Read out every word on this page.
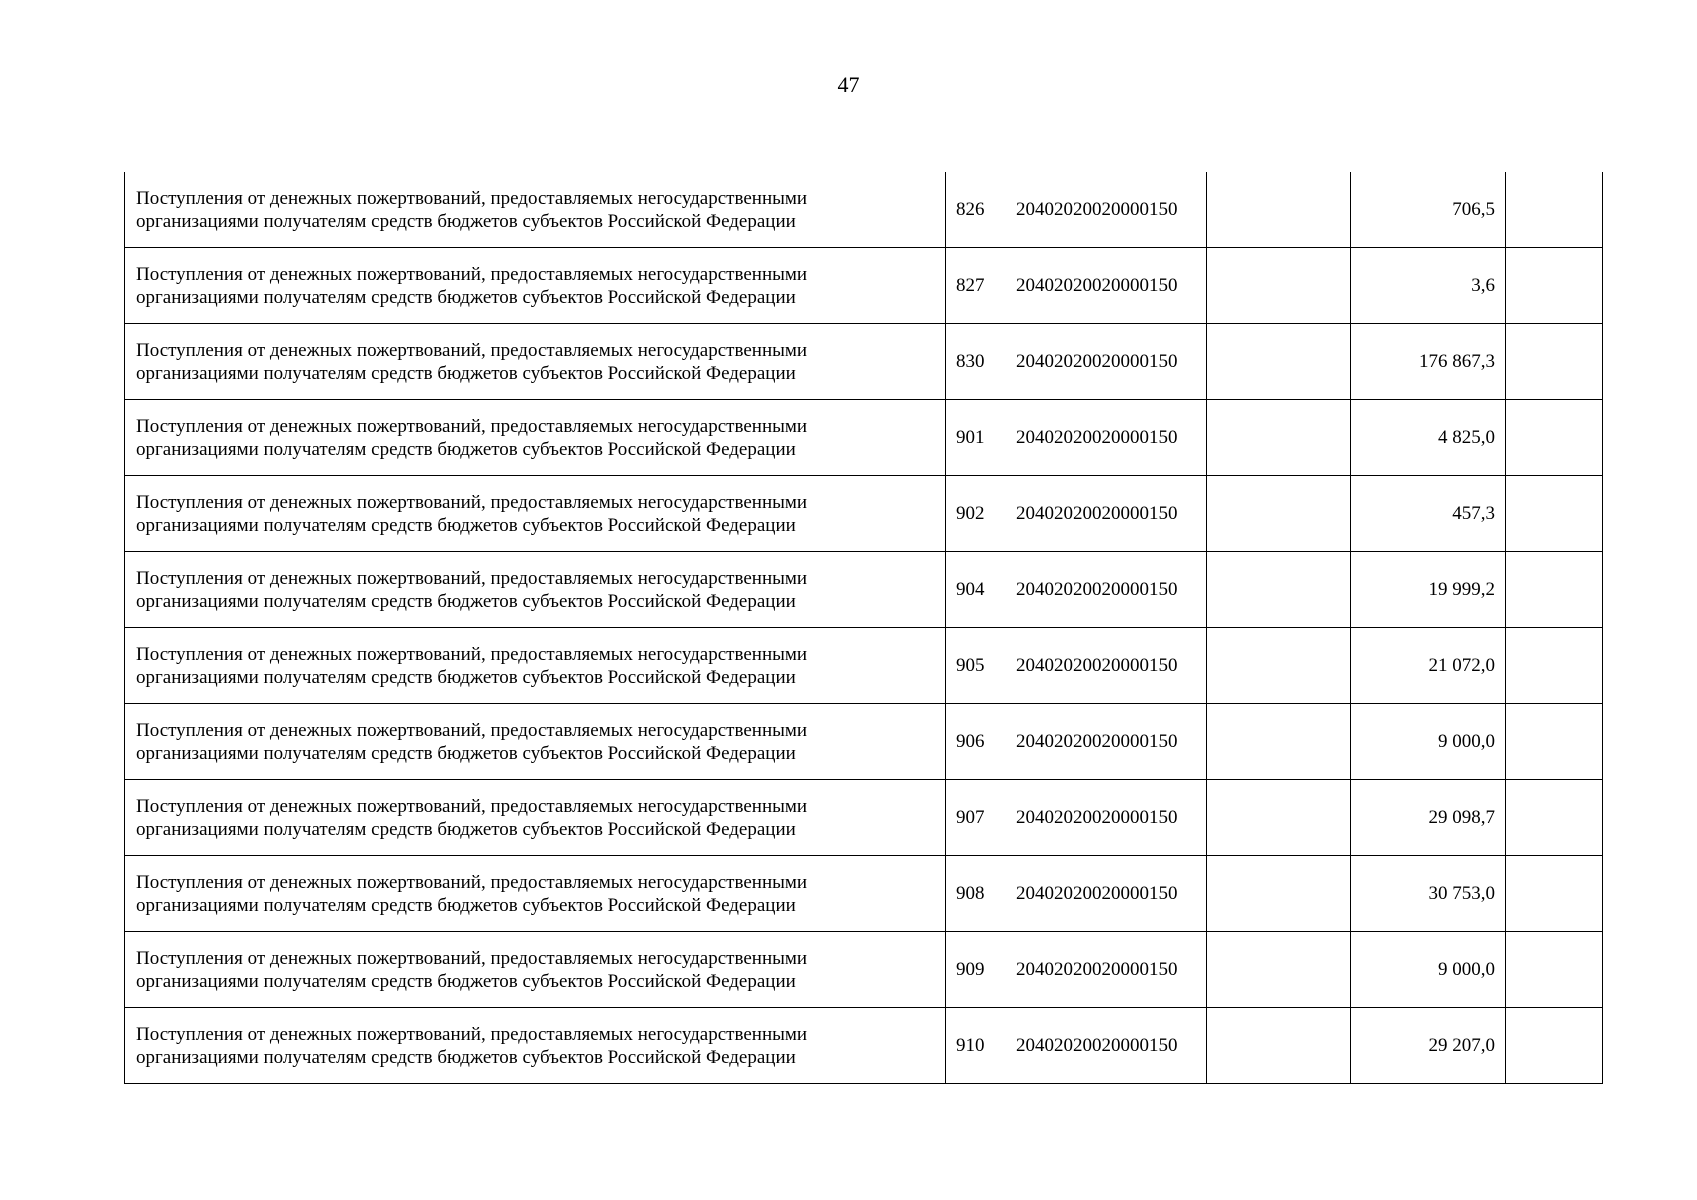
47
Поступления от денежных пожертвований, предоставляемых негосударственными
организациями получателям средств бюджетов субъектов Российской Федерации	826 20402020020000150		706,5	

Поступления от денежных пожертвований, предоставляемых негосударственными
организациями получателям средств бюджетов субъектов Российской Федерации	827 20402020020000150		3,6	

Поступления от денежных пожертвований, предоставляемых негосударственными
организациями получателям средств бюджетов субъектов Российской Федерации	830 20402020020000150		176 867,3	

Поступления от денежных пожертвований, предоставляемых негосударственными
организациями получателям средств бюджетов субъектов Российской Федерации	901 20402020020000150		4 825,0	

Поступления от денежных пожертвований, предоставляемых негосударственными
организациями получателям средств бюджетов субъектов Российской Федерации	902 20402020020000150		457,3	

Поступления от денежных пожертвований, предоставляемых негосударственными
организациями получателям средств бюджетов субъектов Российской Федерации	904 20402020020000150		19 999,2	

Поступления от денежных пожертвований, предоставляемых негосударственными
организациями получателям средств бюджетов субъектов Российской Федерации	905 20402020020000150		21 072,0	

Поступления от денежных пожертвований, предоставляемых негосударственными
организациями получателям средств бюджетов субъектов Российской Федерации	906 20402020020000150		9 000,0	

Поступления от денежных пожертвований, предоставляемых негосударственными
организациями получателям средств бюджетов субъектов Российской Федерации	907 20402020020000150		29 098,7	

Поступления от денежных пожертвований, предоставляемых негосударственными
организациями получателям средств бюджетов субъектов Российской Федерации	908 20402020020000150		30 753,0	

Поступления от денежных пожертвований, предоставляемых негосударственными
организациями получателям средств бюджетов субъектов Российской Федерации	909 20402020020000150		9 000,0	

Поступления от денежных пожертвований, предоставляемых негосударственными
организациями получателям средств бюджетов субъектов Российской Федерации	910 20402020020000150		29 207,0	
